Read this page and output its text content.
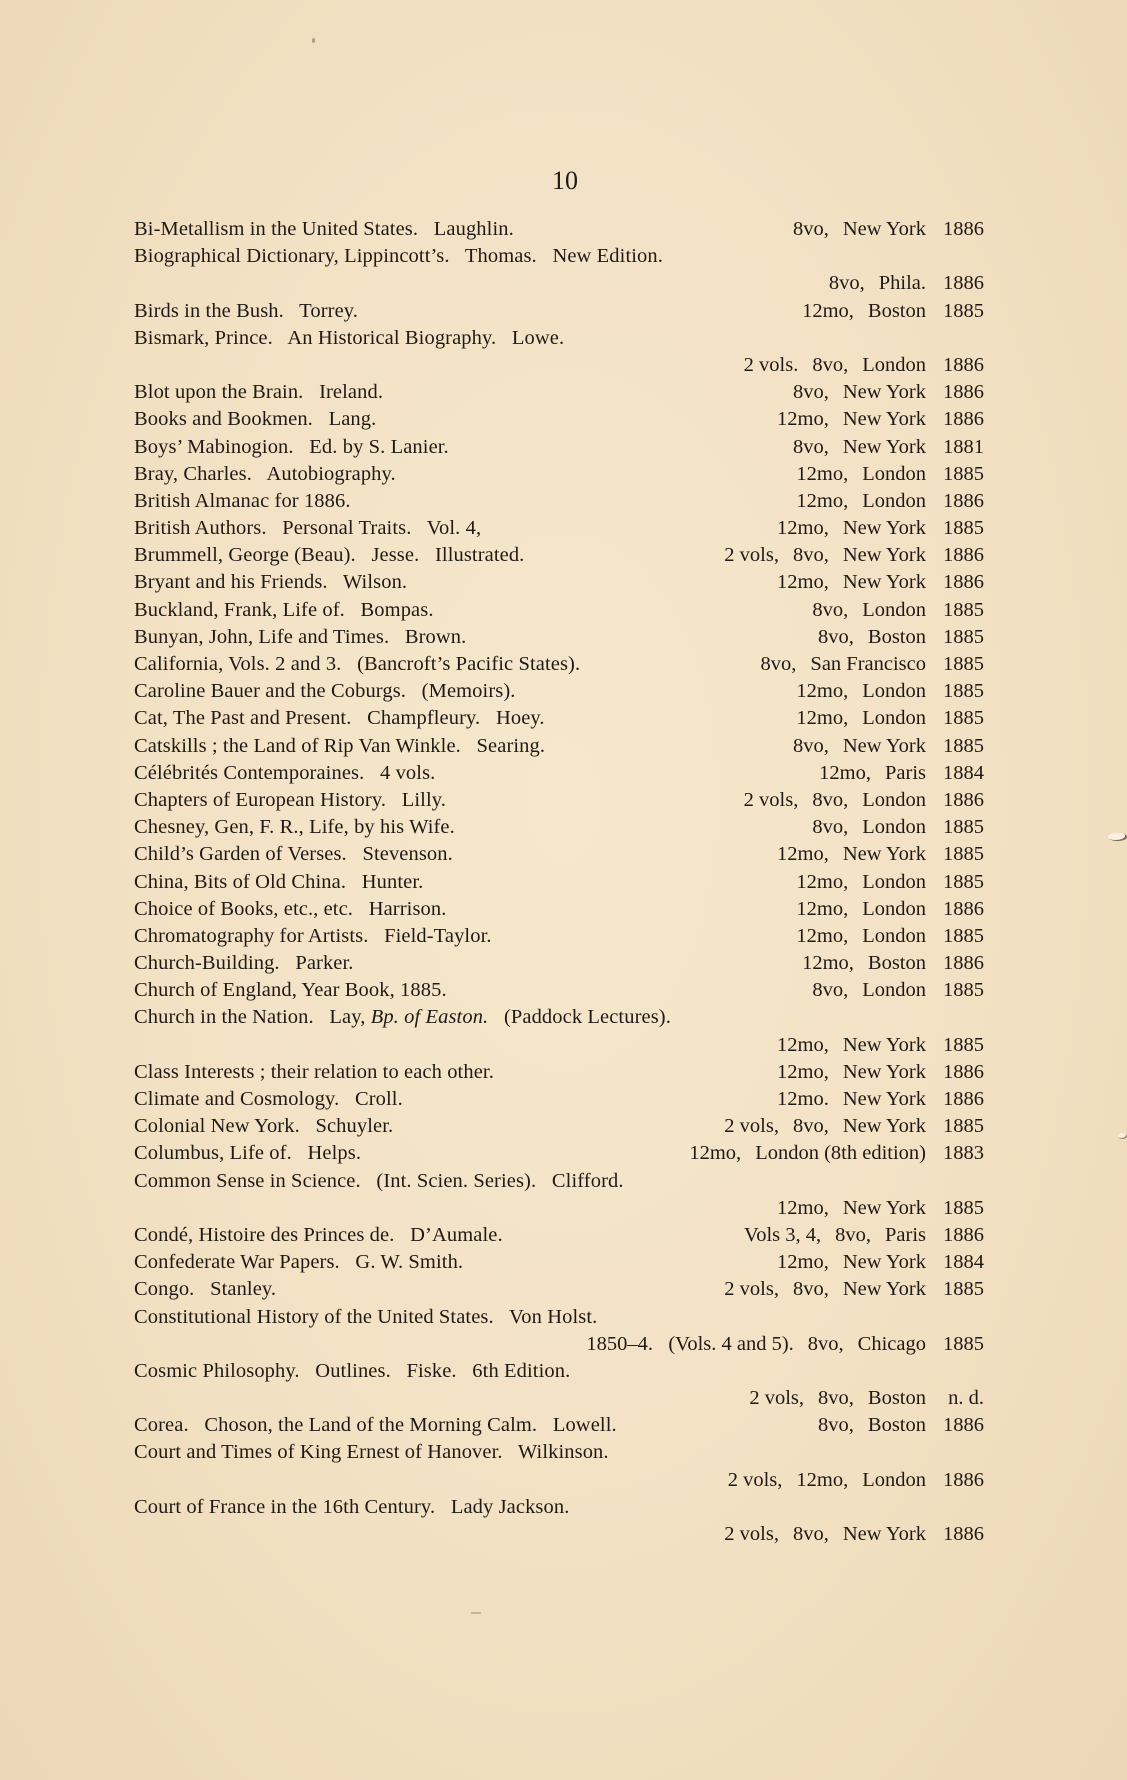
10
Bi-Metallism in the United States.   Laughlin.	8vo, New York 1886
Biographical Dictionary, Lippincott’s.   Thomas.   New Edition.
8vo, Phila. 1886
Birds in the Bush.   Torrey.	12mo, Boston 1885
Bismark, Prince.   An Historical Biography.   Lowe.
2 vols. 8vo, London 1886
Blot upon the Brain.   Ireland.	8vo, New York 1886
Books and Bookmen.   Lang.	12mo, New York 1886
Boys’ Mabinogion.   Ed. by S. Lanier.	8vo, New York 1881
Bray, Charles.   Autobiography.	12mo, London 1885
British Almanac for 1886.	12mo, London 1886
British Authors.   Personal Traits.   Vol. 4,	12mo, New York 1885
Brummell, George (Beau).   Jesse.   Illustrated.	2 vols, 8vo, New York 1886
Bryant and his Friends.   Wilson.	12mo, New York 1886
Buckland, Frank, Life of.   Bompas.	8vo, London 1885
Bunyan, John, Life and Times.   Brown.	8vo, Boston 1885
California, Vols. 2 and 3.   (Bancroft’s Pacific States).	8vo, San Francisco 1885
Caroline Bauer and the Coburgs.   (Memoirs).	12mo, London 1885
Cat, The Past and Present.   Champfleury.   Hoey.	12mo, London 1885
Catskills ; the Land of Rip Van Winkle.   Searing.	8vo, New York 1885
Célébrités Contemporaines.   4 vols.	12mo, Paris 1884
Chapters of European History.   Lilly.	2 vols, 8vo, London 1886
Chesney, Gen, F. R., Life, by his Wife.	8vo, London 1885
Child’s Garden of Verses.   Stevenson.	12mo, New York 1885
China, Bits of Old China.   Hunter.	12mo, London 1885
Choice of Books, etc., etc.   Harrison.	12mo, London 1886
Chromatography for Artists.   Field-Taylor.	12mo, London 1885
Church-Building.   Parker.	12mo, Boston 1886
Church of England, Year Book, 1885.	8vo, London 1885
Church in the Nation.   Lay, Bp. of Easton.   (Paddock Lectures).
12mo, New York 1885
Class Interests ; their relation to each other.	12mo, New York 1886
Climate and Cosmology.   Croll.	12mo. New York 1886
Colonial New York.   Schuyler.	2 vols, 8vo, New York 1885
Columbus, Life of.   Helps.	12mo, London (8th edition) 1883
Common Sense in Science.   (Int. Scien. Series).   Clifford.
12mo, New York 1885
Condé, Histoire des Princes de.   D’Aumale.	Vols 3, 4, 8vo, Paris 1886
Confederate War Papers.   G. W. Smith.	12mo, New York 1884
Congo.   Stanley.	2 vols, 8vo, New York 1885
Constitutional History of the United States.   Von Holst.
1850–4.   (Vols. 4 and 5). 8vo, Chicago 1885
Cosmic Philosophy.   Outlines.   Fiske.   6th Edition.
2 vols, 8vo, Boston	n. d.
Corea.   Choson, the Land of the Morning Calm.   Lowell.	8vo, Boston 1886
Court and Times of King Ernest of Hanover.   Wilkinson.
2 vols, 12mo, London 1886
Court of France in the 16th Century.   Lady Jackson.
2 vols, 8vo, New York 1886
